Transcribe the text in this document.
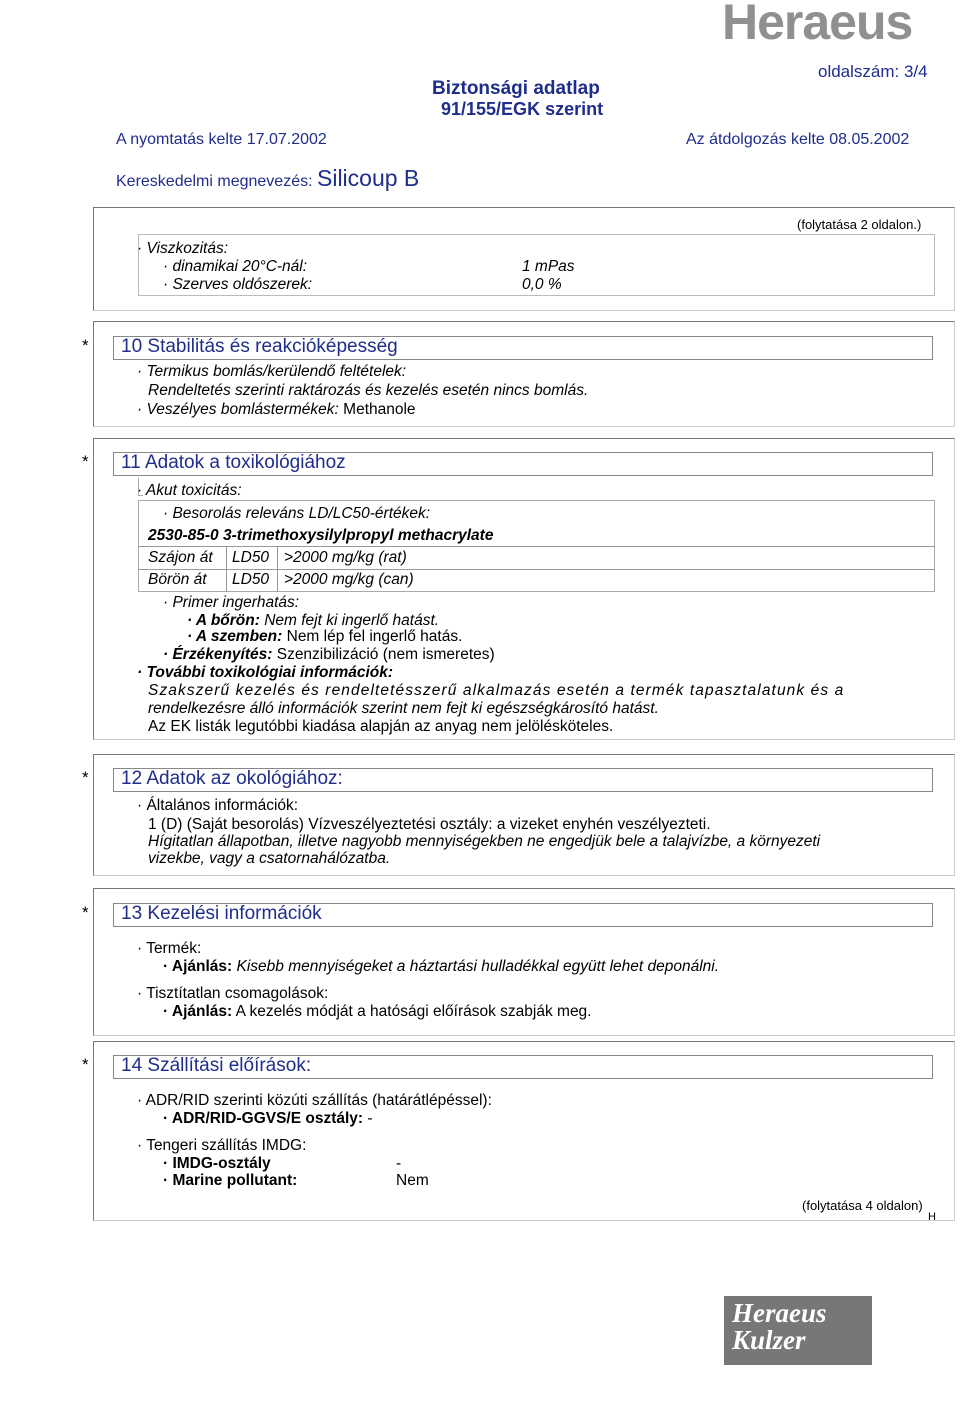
Heraeus
Biztonsági adatlap
91/155/EGK szerint
oldalszám: 3/4
A nyomtatás kelte 17.07.2002	Az átdolgozás kelte 08.05.2002
Kereskedelmi megnevezés: Silicoup B
(folytatása 2 oldalon.)
· Viszkozitás:
· dinamikai 20°C-nál:	1 mPas
· Szerves oldószerek:	0,0 %
* 10 Stabilitás és reakcióképesség
· Termikus bomlás/kerülendő feltételek:
Rendeltetés szerinti raktározás és kezelés esetén nincs bomlás.
· Veszélyes bomlástermékek: Methanole
* 11 Adatok a toxikológiához
· Akut toxicitás:
· Besorolás releváns LD/LC50-értékek:
2530-85-0 3-trimethoxysilylpropyl methacrylate
Szájon át LD50 >2000 mg/kg (rat)
Börön át LD50 >2000 mg/kg (can)
· Primer ingerhatás:
· A bőrön: Nem fejt ki ingerlő hatást.
· A szemben: Nem lép fel ingerlő hatás.
· Érzékenyítés: Szenzibilizáció (nem ismeretes)
· További toxikológiai információk:
Szakszerű kezelés és rendeltetésszerű alkalmazás esetén a termék tapasztalatunk és a
rendelkezésre álló információk szerint nem fejt ki egészségkárosító hatást.
Az EK listák legutóbbi kiadása alapján az anyag nem jelölésköteles.
* 12 Adatok az okológiához:
· Általános információk:
1 (D) (Saját besorolás) Vízveszélyeztetési osztály: a vizeket enyhén veszélyezteti.
Hígitatlan állapotban, illetve nagyobb mennyiségekben ne engedjük bele a talajvízbe, a környezeti
vizekbe, vagy a csatornahálózatba.
* 13 Kezelési információk
· Termék:
· Ajánlás: Kisebb mennyiségeket a háztartási hulladékkal együtt lehet deponálni.
· Tisztítatlan csomagolások:
· Ajánlás: A kezelés módját a hatósági előírások szabják meg.
* 14 Szállítási előírások:
· ADR/RID szerinti közúti szállítás (határátlépéssel):
· ADR/RID-GGVS/E osztály: -
· Tengeri szállítás IMDG:
· IMDG-osztály	-
· Marine pollutant:	Nem
(folytatása 4 oldalon)
H
Heraeus
Kulzer
